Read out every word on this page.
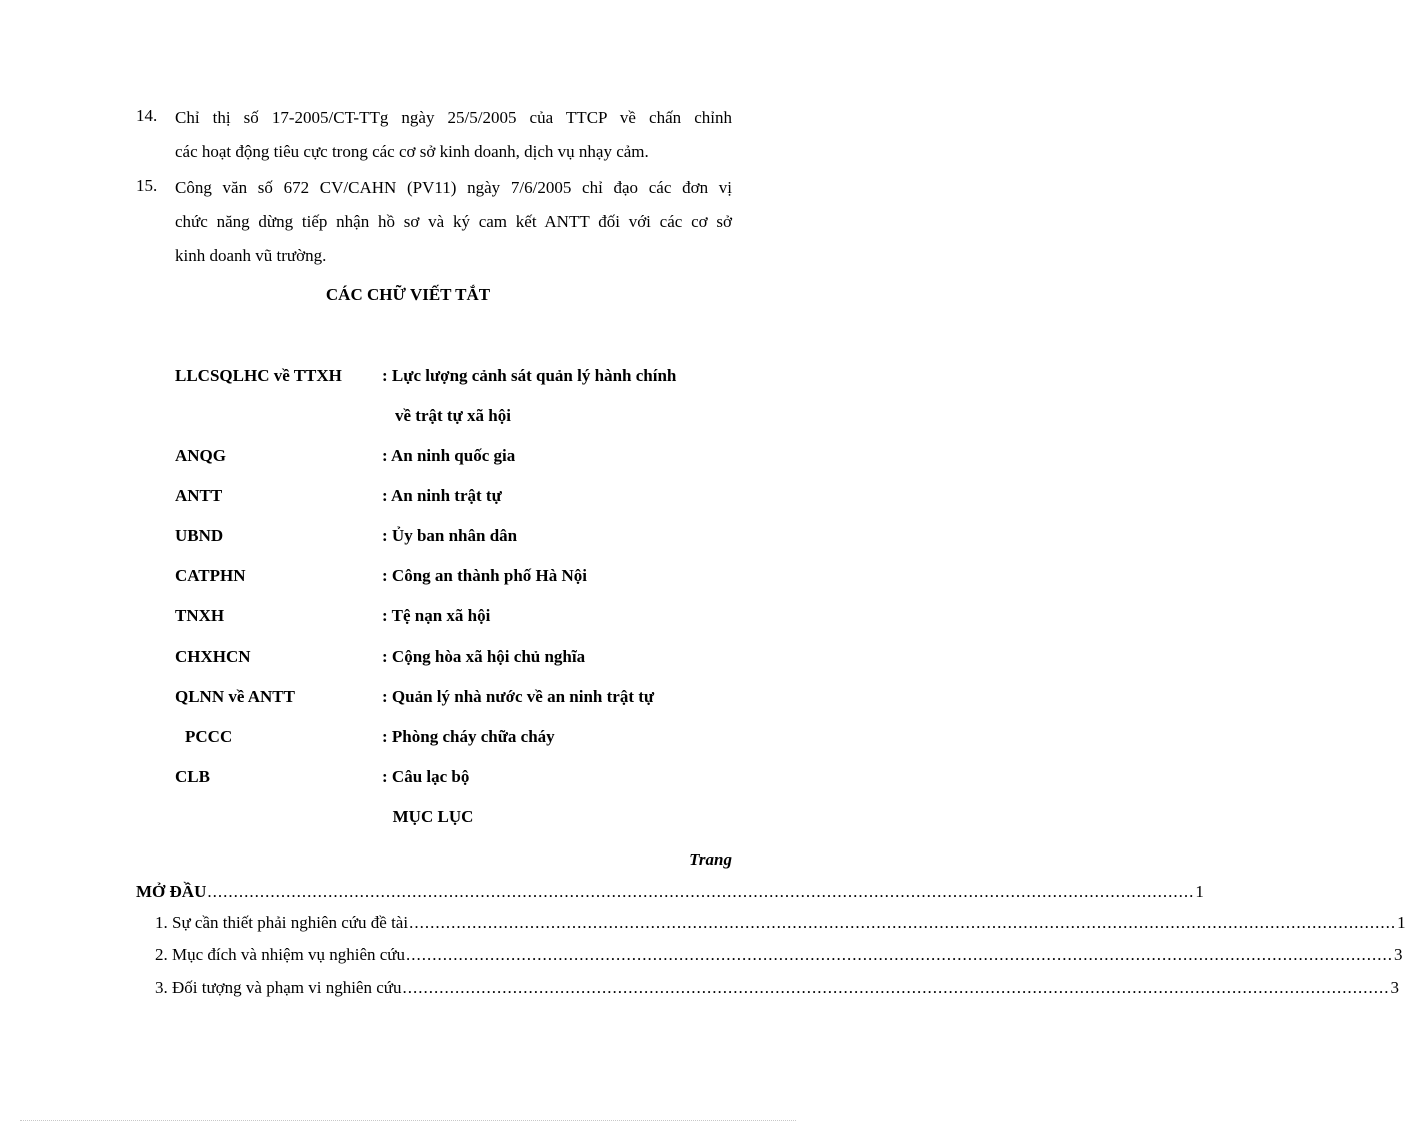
14. Chỉ thị số 17-2005/CT-TTg ngày 25/5/2005 của TTCP về chấn chỉnh
các hoạt động tiêu cực trong các cơ sở kinh doanh, dịch vụ nhạy cảm.
15. Công văn số 672 CV/CAHN (PV11) ngày 7/6/2005 chỉ đạo các đơn vị
chức năng dừng tiếp nhận hồ sơ và ký cam kết ANTT đối với các cơ sở
kinh doanh vũ trường.
CÁC CHỮ VIẾT TẮT
LLCSQLHC về TTXH : Lực lượng cảnh sát quản lý hành chính
về trật tự xã hội
ANQG	: An ninh quốc gia
ANTT	: An ninh trật tự
UBND	: Ủy ban nhân dân
CATPHN	: Công an thành phố Hà Nội
TNXH	: Tệ nạn xã hội
CHXHCN	: Cộng hòa xã hội chủ nghĩa
QLNN về ANTT	: Quản lý nhà nước về an ninh trật tự
PCCC	: Phòng cháy chữa cháy
CLB	: Câu lạc bộ
MỤC LỤC
Trang
MỞ ĐẦU ............................................................................................................................................................................................ 1
1. Sự cần thiết phải nghiên cứu đề tài ............................................................................................................................................................................................ 1
2. Mục đích và nhiệm vụ nghiên cứu ............................................................................................................................................................................................ 3
3. Đối tượng và phạm vi nghiên cứu ............................................................................................................................................................................................ 3
